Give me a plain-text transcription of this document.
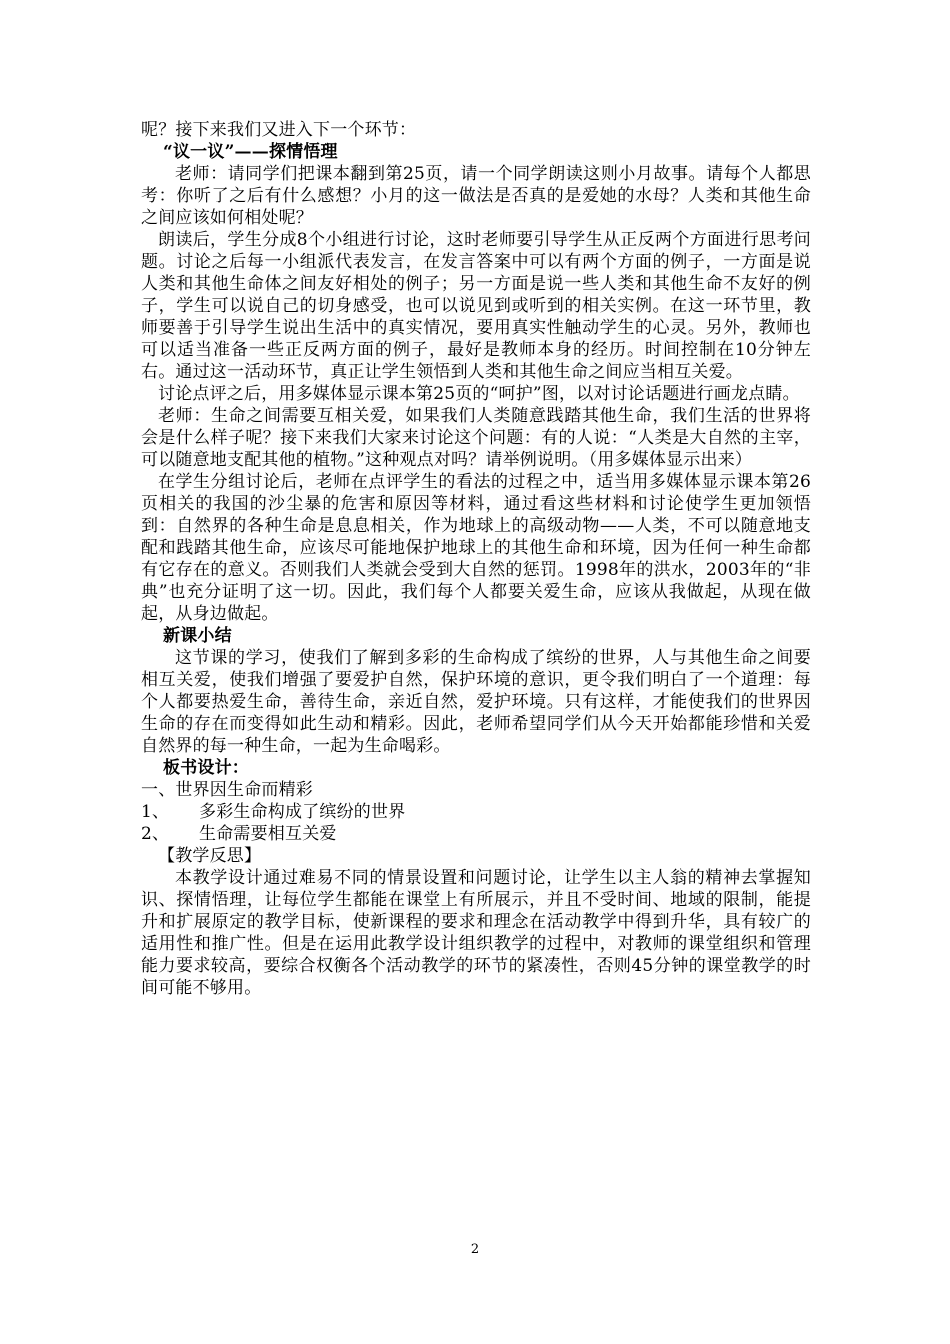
呢？接下来我们又进入下一个环节：

“议一议”——探情悟理

老师：请同学们把课本翻到第25页，请一个同学朗读这则小月故事。请每个人都思考：你听了之后有什么感想？小月的这一做法是否真的是爱她的水母？人类和其他生命之间应该如何相处呢？

朗读后，学生分成8个小组进行讨论，这时老师要引导学生从正反两个方面进行思考问题。讨论之后每一小组派代表发言，在发言答案中可以有两个方面的例子，一方面是说人类和其他生命体之间友好相处的例子；另一方面是说一些人类和其他生命不友好的例子，学生可以说自己的切身感受，也可以说见到或听到的相关实例。在这一环节里，教师要善于引导学生说出生活中的真实情况，要用真实性触动学生的心灵。另外，教师也可以适当准备一些正反两方面的例子，最好是教师本身的经历。时间控制在10分钟左右。通过这一活动环节，真正让学生领悟到人类和其他生命之间应当相互关爱。

讨论点评之后，用多媒体显示课本第25页的“呵护”图，以对讨论话题进行画龙点睛。

老师：生命之间需要互相关爱，如果我们人类随意践踏其他生命，我们生活的世界将会是什么样子呢？接下来我们大家来讨论这个问题：有的人说：“人类是大自然的主宰，可以随意地支配其他的植物。”这种观点对吗？请举例说明。（用多媒体显示出来）

在学生分组讨论后，老师在点评学生的看法的过程之中，适当用多媒体显示课本第26页相关的我国的沙尘暴的危害和原因等材料，通过看这些材料和讨论使学生更加领悟到：自然界的各种生命是息息相关，作为地球上的高级动物——人类，不可以随意地支配和践踏其他生命，应该尽可能地保护地球上的其他生命和环境，因为任何一种生命都有它存在的意义。否则我们人类就会受到大自然的惩罚。1998年的洪水，2003年的“非典”也充分证明了这一切。因此，我们每个人都要关爱生命，应该从我做起，从现在做起，从身边做起。

新课小结

这节课的学习，使我们了解到多彩的生命构成了缤纷的世界，人与其他生命之间要相互关爱，使我们增强了要爱护自然，保护环境的意识，更令我们明白了一个道理：每个人都要热爱生命，善待生命，亲近自然，爱护环境。只有这样，才能使我们的世界因生命的存在而变得如此生动和精彩。因此，老师希望同学们从今天开始都能珍惜和关爱自然界的每一种生命，一起为生命喝彩。

板书设计：

一、世界因生命而精彩

1、	多彩生命构成了缤纷的世界
2、	生命需要相互关爱

【教学反思】

本教学设计通过难易不同的情景设置和问题讨论，让学生以主人翁的精神去掌握知识、探情悟理，让每位学生都能在课堂上有所展示，并且不受时间、地域的限制，能提升和扩展原定的教学目标，使新课程的要求和理念在活动教学中得到升华，具有较广的适用性和推广性。但是在运用此教学设计组织教学的过程中，对教师的课堂组织和管理能力要求较高，要综合权衡各个活动教学的环节的紧凑性，否则45分钟的课堂教学的时间可能不够用。

2
